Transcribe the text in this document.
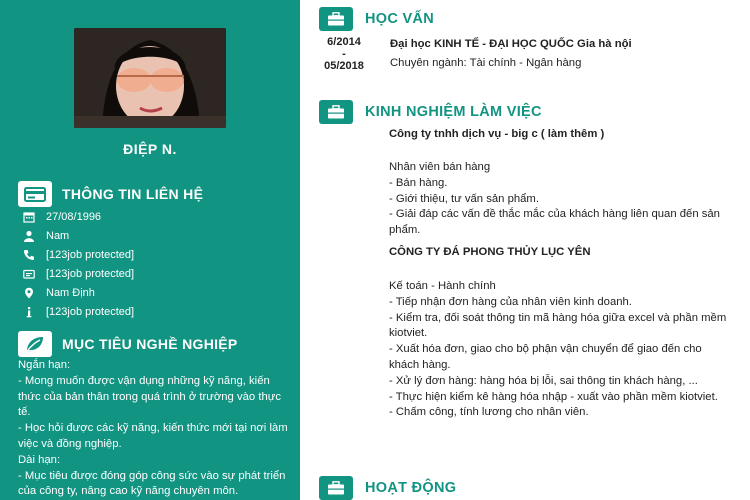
ĐIỆP N.
THÔNG TIN LIÊN HỆ
27/08/1996
Nam
[123job protected]
[123job protected]
Nam Định
[123job protected]
MỤC TIÊU NGHỀ NGHIỆP

Ngắn hạn:

- Mong muốn được vận dụng những kỹ năng, kiến thức của bản thân trong quá trình ở trường vào thực tế.

- Học hỏi được các kỹ năng, kiến thức mới tại nơi làm việc và đồng nghiệp.

Dài hạn:

- Mục tiêu được đóng góp công sức vào sự phát triển của công ty, nâng cao kỹ năng chuyên môn.

HỌC VẤN
6/2014
-
05/2018
Đại học KINH TẾ - ĐẠI HỌC QUỐC Gia hà nội
Chuyên ngành: Tài chính - Ngân hàng
KINH NGHIỆM LÀM VIỆC

Công ty tnhh dịch vụ - big c ( làm thêm )

Nhân viên bán hàng

- Bán hàng.

- Giới thiệu, tư vấn sản phẩm.

- Giải đáp các vấn đề thắc mắc của khách hàng liên quan đến sản phẩm.

CÔNG TY ĐÁ PHONG THỦY LỤC YÊN

Kế toán - Hành chính

- Tiếp nhận đơn hàng của nhân viên kinh doanh.

- Kiểm tra, đối soát thông tin mã hàng hóa giữa excel và phần mềm kiotviet.

- Xuất hóa đơn, giao cho bộ phận vận chuyển để giao đến cho khách hàng.

- Xử lý đơn hàng: hàng hóa bị lỗi, sai thông tin khách hàng, ...

- Thực hiện kiểm kê hàng hóa nhập - xuất vào phần mềm kiotviet.

- Chấm công, tính lương cho nhân viên.

HOẠT ĐỘNG
